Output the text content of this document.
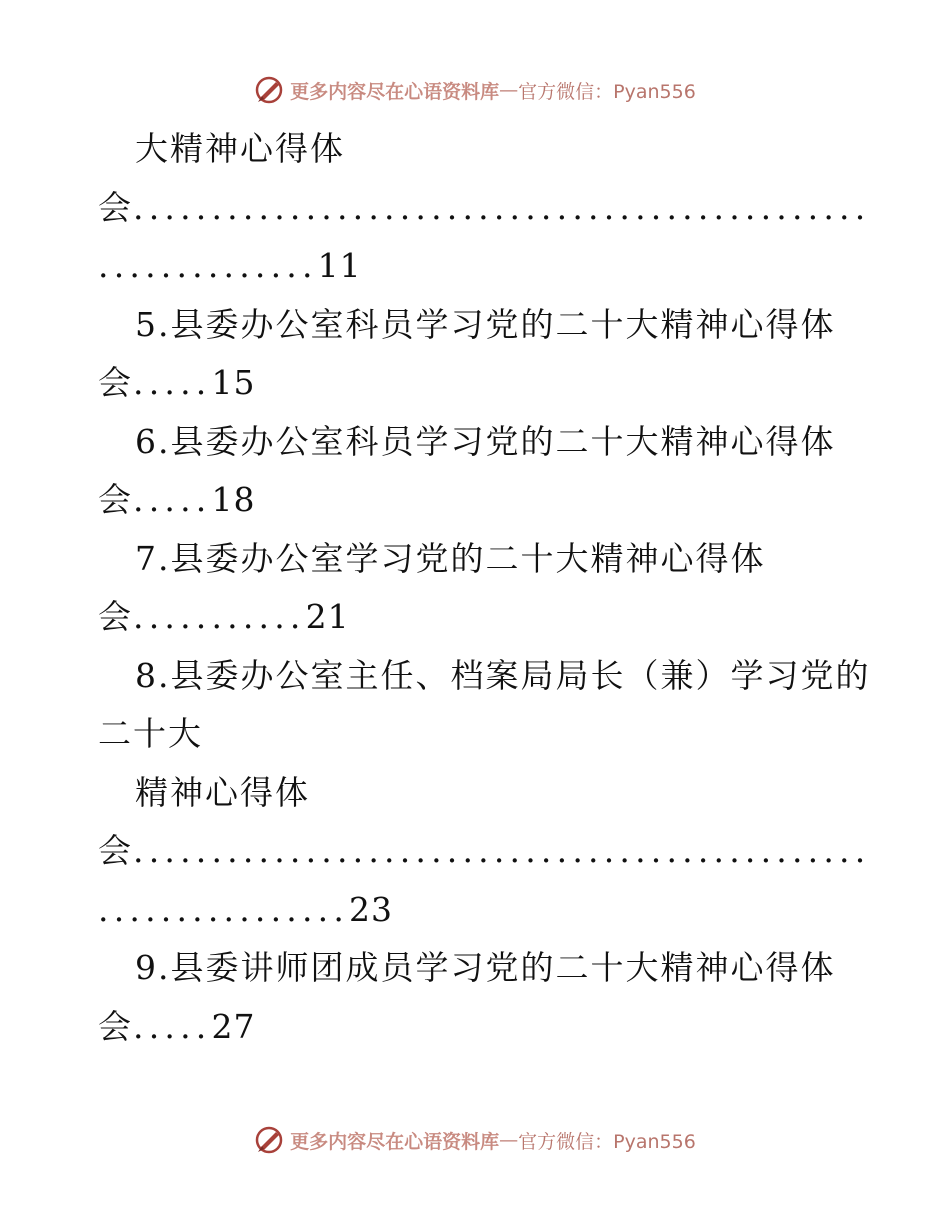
更多内容尽在心语资料库 — 官方微信：Pyan556
大精神心得体
会...............................................
..............11
5.县委办公室科员学习党的二十大精神心得体
会.....15
6.县委办公室科员学习党的二十大精神心得体
会.....18
7.县委办公室学习党的二十大精神心得体
会...........21
8.县委办公室主任、档案局局长（兼）学习党的
二十大
精神心得体
会...............................................
................23
9.县委讲师团成员学习党的二十大精神心得体
会.....27
更多内容尽在心语资料库 — 官方微信：Pyan556
